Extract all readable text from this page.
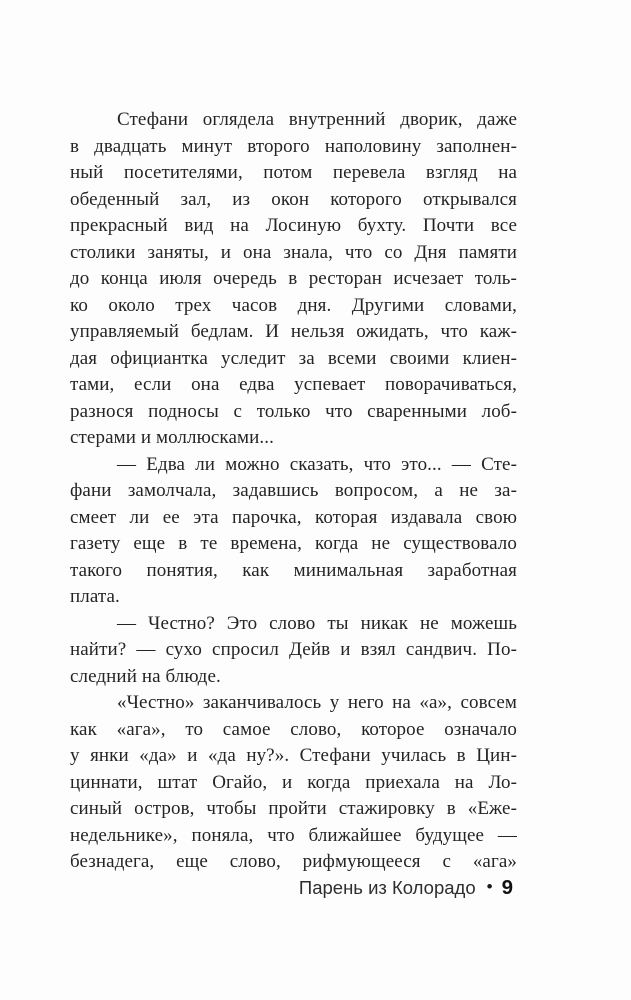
Стефани оглядела внутренний дворик, даже
в двадцать минут второго наполовину заполнен-
ный посетителями, потом перевела взгляд на
обеденный зал, из окон которого открывался
прекрасный вид на Лосиную бухту. Почти все
столики заняты, и она знала, что со Дня памяти
до конца июля очередь в ресторан исчезает толь-
ко около трех часов дня. Другими словами,
управляемый бедлам. И нельзя ожидать, что каж-
дая официантка уследит за всеми своими клиен-
тами, если она едва успевает поворачиваться,
разнося подносы с только что сваренными лоб-
стерами и моллюсками...
— Едва ли можно сказать, что это... — Сте-
фани замолчала, задавшись вопросом, а не за-
смеет ли ее эта парочка, которая издавала свою
газету еще в те времена, когда не существовало
такого понятия, как минимальная заработная
плата.
— Честно? Это слово ты никак не можешь
найти? — сухо спросил Дейв и взял сандвич. По-
следний на блюде.
«Честно» заканчивалось у него на «а», совсем
как «ага», то самое слово, которое означало
у янки «да» и «да ну?». Стефани училась в Цин-
циннати, штат Огайо, и когда приехала на Ло-
синый остров, чтобы пройти стажировку в «Еже-
недельнике», поняла, что ближайшее будущее —
безнадега, еще слово, рифмующееся с «ага»
Парень из Колорадо • 9
